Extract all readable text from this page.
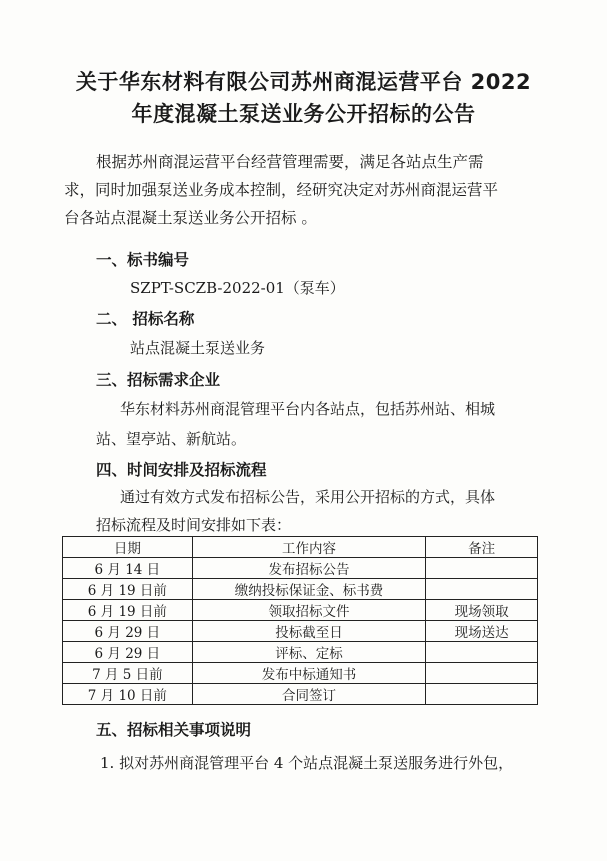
关于华东材料有限公司苏州商混运营平台 2022
年度混凝土泵送业务公开招标的公告
根据苏州商混运营平台经营管理需要，满足各站点生产需
求，同时加强泵送业务成本控制，经研究决定对苏州商混运营平
台各站点混凝土泵送业务公开招标 。
一、标书编号
SZPT-SCZB-2022-01（泵车）
二、 招标名称
站点混凝土泵送业务
三、招标需求企业
华东材料苏州商混管理平台内各站点，包括苏州站、相城
站、望亭站、新航站。
四、时间安排及招标流程
通过有效方式发布招标公告，采用公开招标的方式，具体
招标流程及时间安排如下表：
日期	工作内容	备注
6 月 14 日	发布招标公告	
6 月 19 日前	缴纳投标保证金、标书费	
6 月 19 日前	领取招标文件	现场领取
6 月 29 日	投标截至日	现场送达
6 月 29 日	评标、定标	
7 月 5 日前	发布中标通知书	
7 月 10 日前	合同签订	
五、招标相关事项说明
1. 拟对苏州商混管理平台 4 个站点混凝土泵送服务进行外包，
